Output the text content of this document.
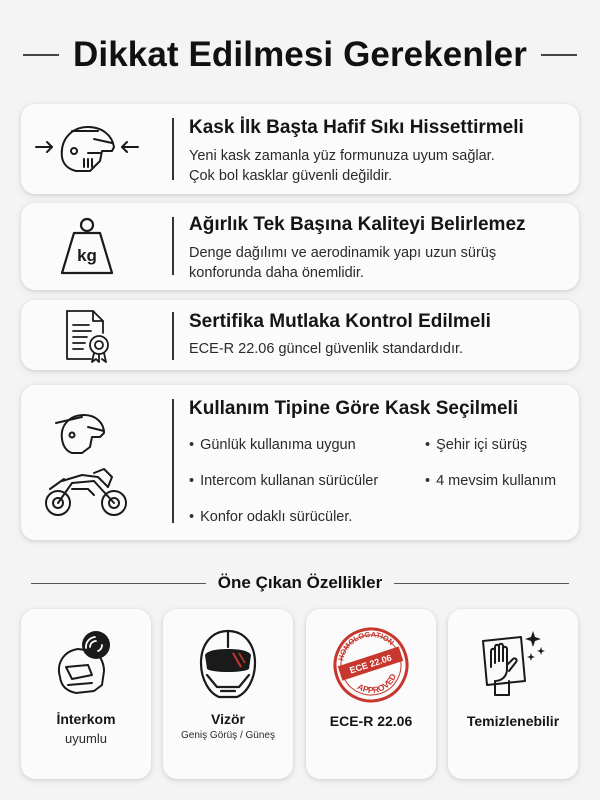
Dikkat Edilmesi Gerekenler
Kask İlk Başta Hafif Sıkı Hissettirmeli

Yeni kask zamanla yüz formunuza uyum sağlar.
Çok bol kasklar güvenli değildir.

kg
Ağırlık Tek Başına Kaliteyi Belirlemez

Denge dağılımı ve aerodinamik yapı uzun sürüş
konforunda daha önemlidir.

Sertifika Mutlaka Kontrol Edilmeli

ECE-R 22.06 güncel güvenlik standardıdır.

Kullanım Tipine Göre Kask Seçilmeli
• Günlük kullanıma uygun	• Şehir içi sürüş
• Intercom kullanan sürücüler	• 4 mevsim kullanım
• Konfor odaklı sürücüler.
Öne Çıkan Özellikler
İnterkom
uyumlu
Vizör
Geniş Görüş / Güneş
HOMOLOGATION
ECE 22.06
APPROVED
ECE-R 22.06	Temizlenebilir
